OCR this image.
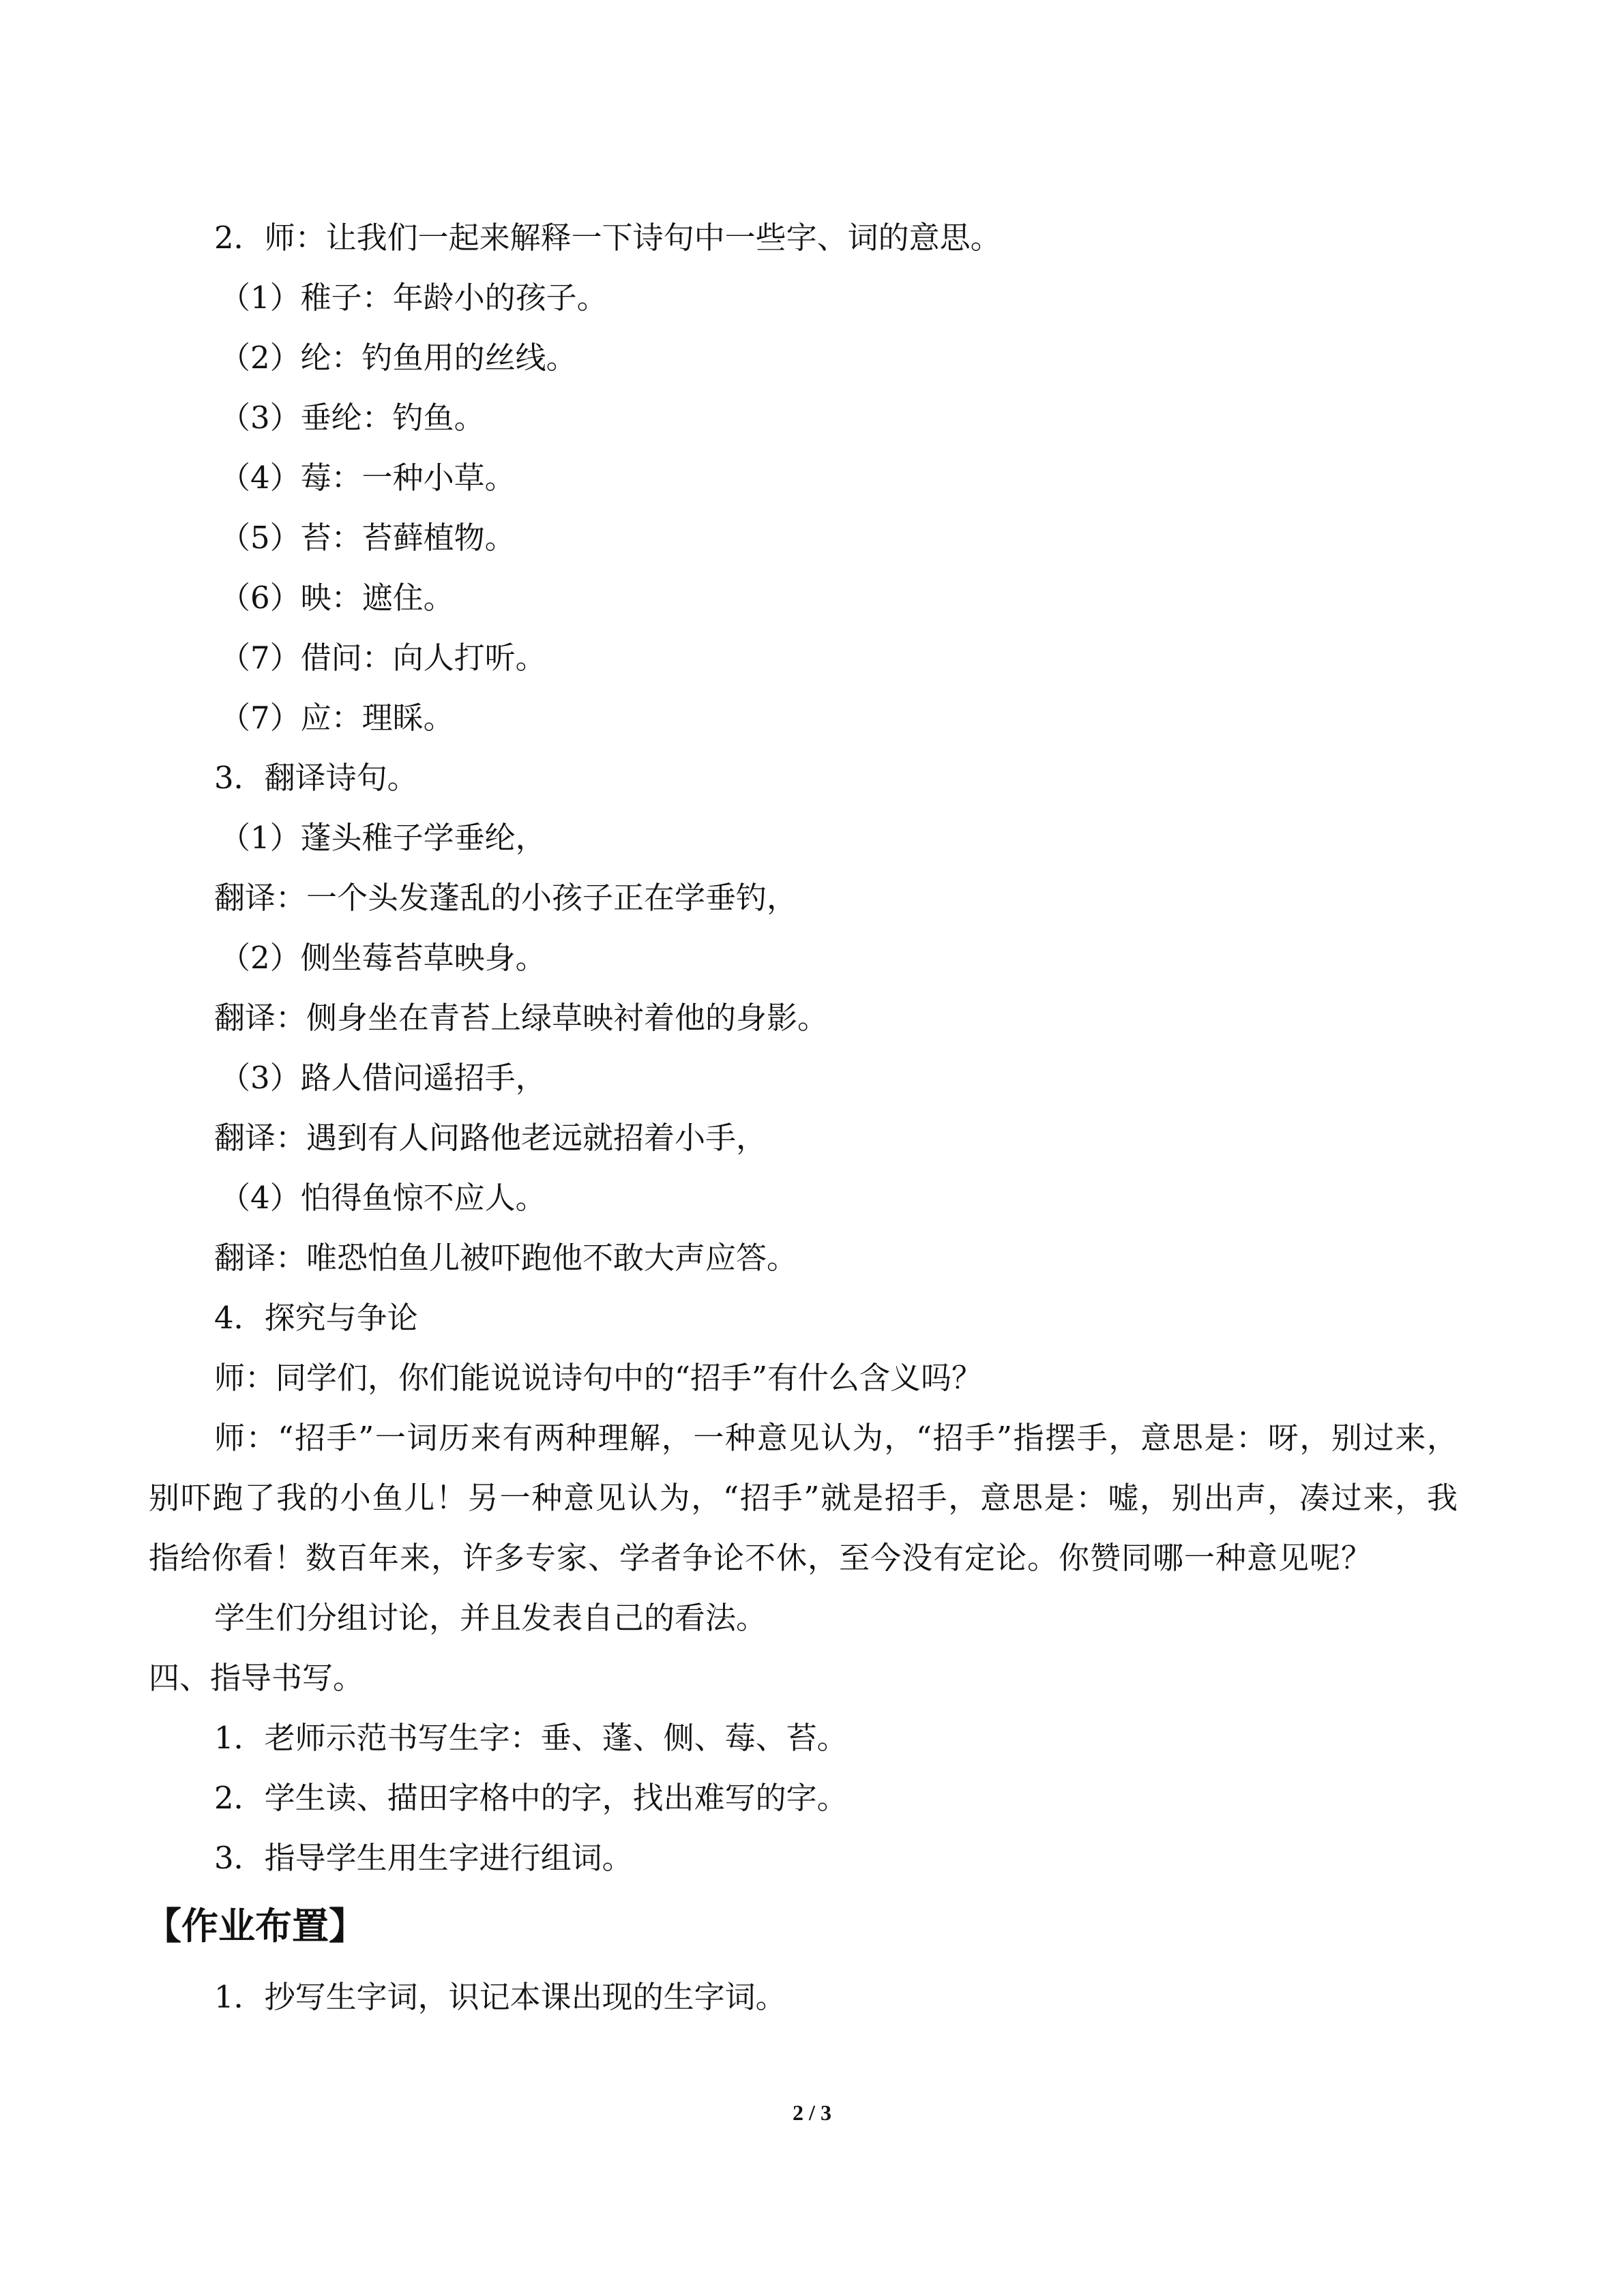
2．师：让我们一起来解释一下诗句中一些字、词的意思。
（1）稚子：年龄小的孩子。
（2）纶：钓鱼用的丝线。
（3）垂纶：钓鱼。
（4）莓：一种小草。
（5）苔：苔藓植物。
（6）映：遮住。
（7）借问：向人打听。
（7）应：理睬。
3．翻译诗句。
（1）蓬头稚子学垂纶，
翻译：一个头发蓬乱的小孩子正在学垂钓，
（2）侧坐莓苔草映身。
翻译：侧身坐在青苔上绿草映衬着他的身影。
（3）路人借问遥招手，
翻译：遇到有人问路他老远就招着小手，
（4）怕得鱼惊不应人。
翻译：唯恐怕鱼儿被吓跑他不敢大声应答。
4．探究与争论
师：同学们，你们能说说诗句中的“招手”有什么含义吗？
师：“招手”一词历来有两种理解，一种意见认为，“招手”指摆手，意思是：呀，别过来，别吓跑了我的小鱼儿！另一种意见认为，“招手”就是招手，意思是：嘘，别出声，凑过来，我指给你看！数百年来，许多专家、学者争论不休，至今没有定论。你赞同哪一种意见呢？
学生们分组讨论，并且发表自己的看法。
四、指导书写。
1．老师示范书写生字：垂、蓬、侧、莓、苔。
2．学生读、描田字格中的字，找出难写的字。
3．指导学生用生字进行组词。
【作业布置】
1．抄写生字词，识记本课出现的生字词。
2 / 3
